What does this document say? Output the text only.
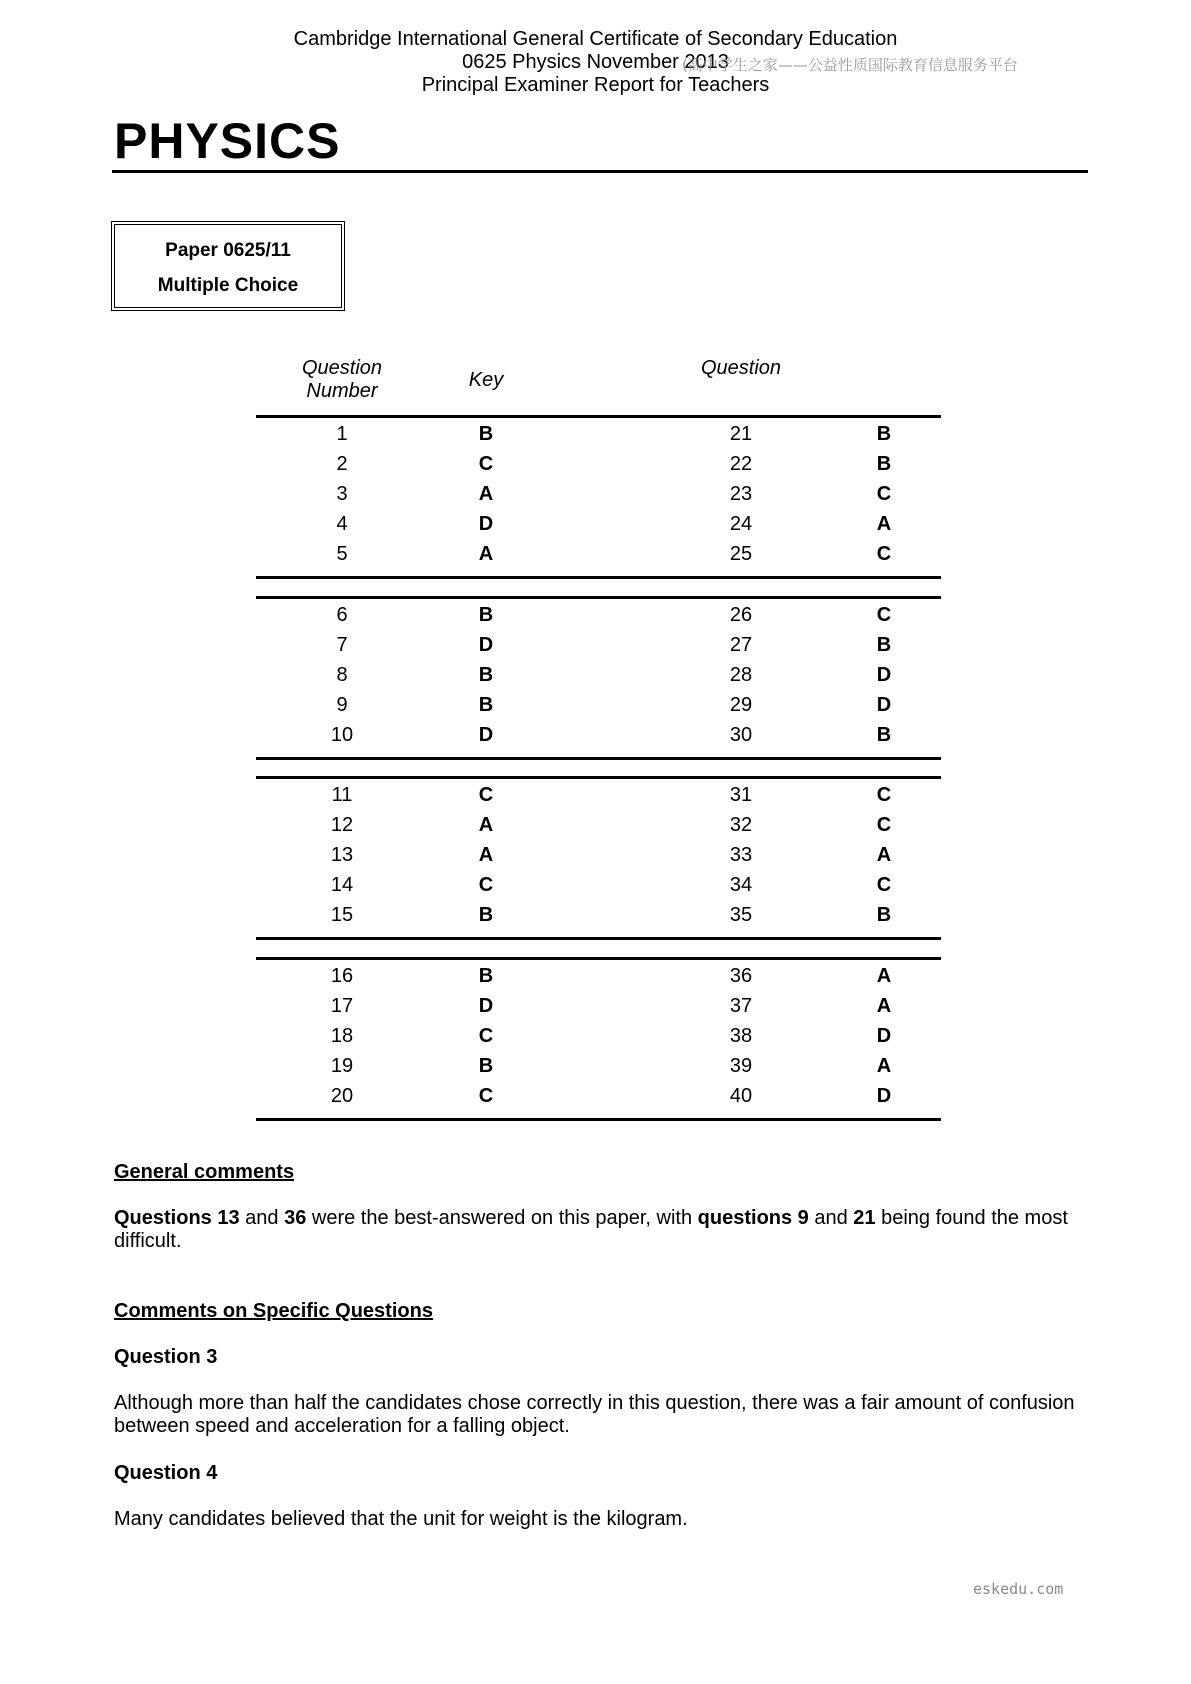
Cambridge International General Certificate of Secondary Education
0625 Physics November 2013
Principal Examiner Report for Teachers
(高中学生之家——公益性质国际教育信息服务平台
PHYSICS
Paper 0625/11
Multiple Choice
Question
Number	Key
Question
1	B	21	B
2	C	22	B
3	A	23	C
4	D	24	A
5	A	25	C
6	B	26	C
7	D	27	B
8	B	28	D
9	B	29	D
10	D	30	B
11	C	31	C
12	A	32	C
13	A	33	A
14	C	34	C
15	B	35	B
16	B	36	A
17	D	37	A
18	C	38	D
19	B	39	A
20	C	40	D
General comments
Questions 13 and 36 were the best-answered on this paper, with questions 9 and 21 being found the most difficult.
Comments on Specific Questions
Question 3
Although more than half the candidates chose correctly in this question, there was a fair amount of confusion between speed and acceleration for a falling object.
Question 4
Many candidates believed that the unit for weight is the kilogram.
eskedu.com
